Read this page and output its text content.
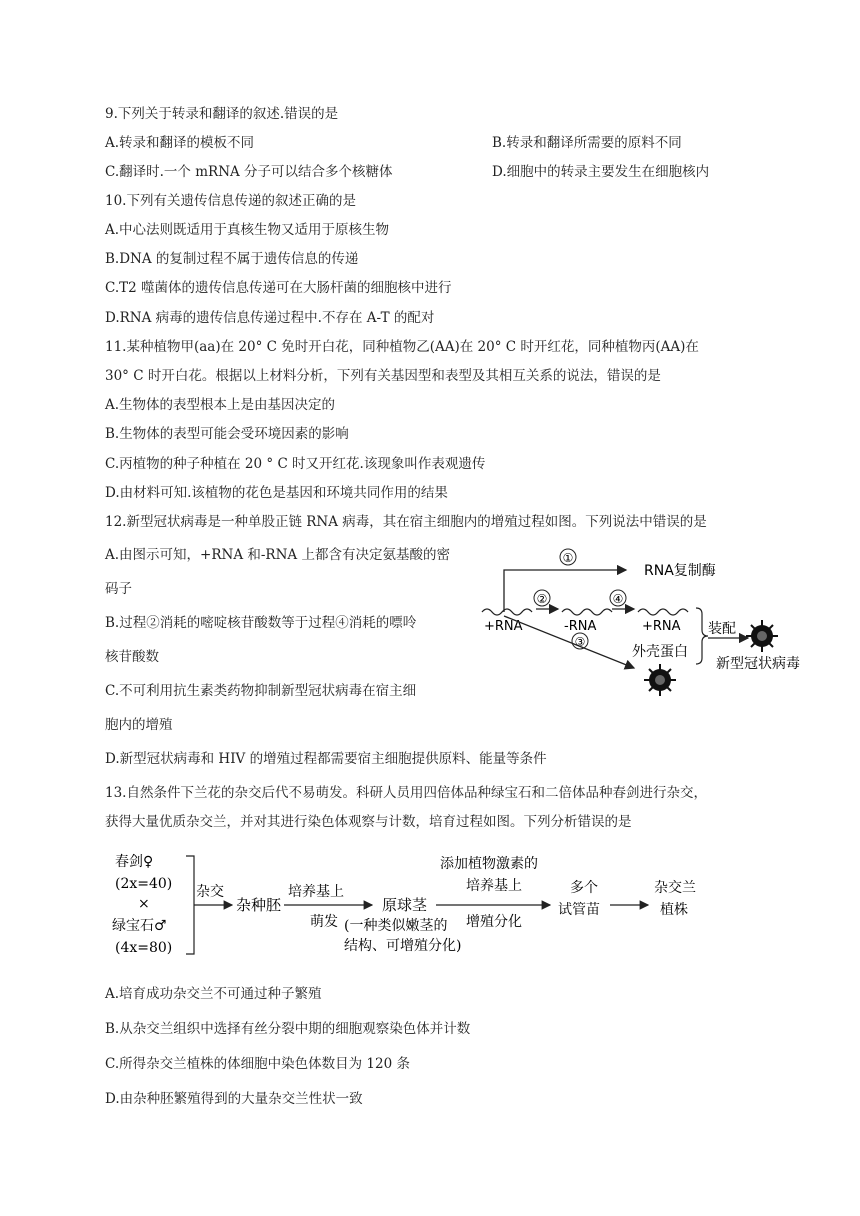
9.下列关于转录和翻译的叙述.错误的是
A.转录和翻译的模板不同	B.转录和翻译所需要的原料不同
C.翻译时.一个 mRNA 分子可以结合多个核糖体	D.细胞中的转录主要发生在细胞核内
10.下列有关遗传信息传递的叙述正确的是
A.中心法则既适用于真核生物又适用于原核生物
B.DNA 的复制过程不属于遗传信息的传递
C.T2 噬菌体的遗传信息传递可在大肠杆菌的细胞核中进行
D.RNA 病毒的遗传信息传递过程中.不存在 A-T 的配对
11.某种植物甲(aa)在 20° C 免时开白花，同种植物乙(AA)在 20° C 时开红花，同种植物丙(AA)在
30° C 时开白花。根据以上材料分析，下列有关基因型和表型及其相互关系的说法，错误的是
A.生物体的表型根本上是由基因决定的
B.生物体的表型可能会受环境因素的影响
C.丙植物的种子种植在 20 ° C 时又开红花.该现象叫作表观遗传
D.由材料可知.该植物的花色是基因和环境共同作用的结果
12.新型冠状病毒是一种单股正链 RNA 病毒，其在宿主细胞内的增殖过程如图。下列说法中错误的是
A.由图示可知，+RNA 和-RNA 上都含有决定氨基酸的密
码子
B.过程②消耗的嘧啶核苷酸数等于过程④消耗的嘌呤
核苷酸数
C.不可利用抗生素类药物抑制新型冠状病毒在宿主细
胞内的增殖
D.新型冠状病毒和 HIV 的增殖过程都需要宿主细胞提供原料、能量等条件
①
RNA复制酶
②	④
+RNA	-RNA	+RNA 装配
新型冠状病毒
③
外壳蛋白
13.自然条件下兰花的杂交后代不易萌发。科研人员用四倍体品种绿宝石和二倍体品种春剑进行杂交，
获得大量优质杂交兰，并对其进行染色体观察与计数，培育过程如图。下列分析错误的是
春剑♀
(2x=40)
×
绿宝石♂
(4x=80)
杂交
杂种胚
培养基上
萌发
原球茎
(一种类似嫩茎的
结构、可增殖分化)
添加植物激素的
培养基上
增殖分化
多个
试管苗
杂交兰
植株
A.培育成功杂交兰不可通过种子繁殖
B.从杂交兰组织中选择有丝分裂中期的细胞观察染色体并计数
C.所得杂交兰植株的体细胞中染色体数目为 120 条
D.由杂种胚繁殖得到的大量杂交兰性状一致
